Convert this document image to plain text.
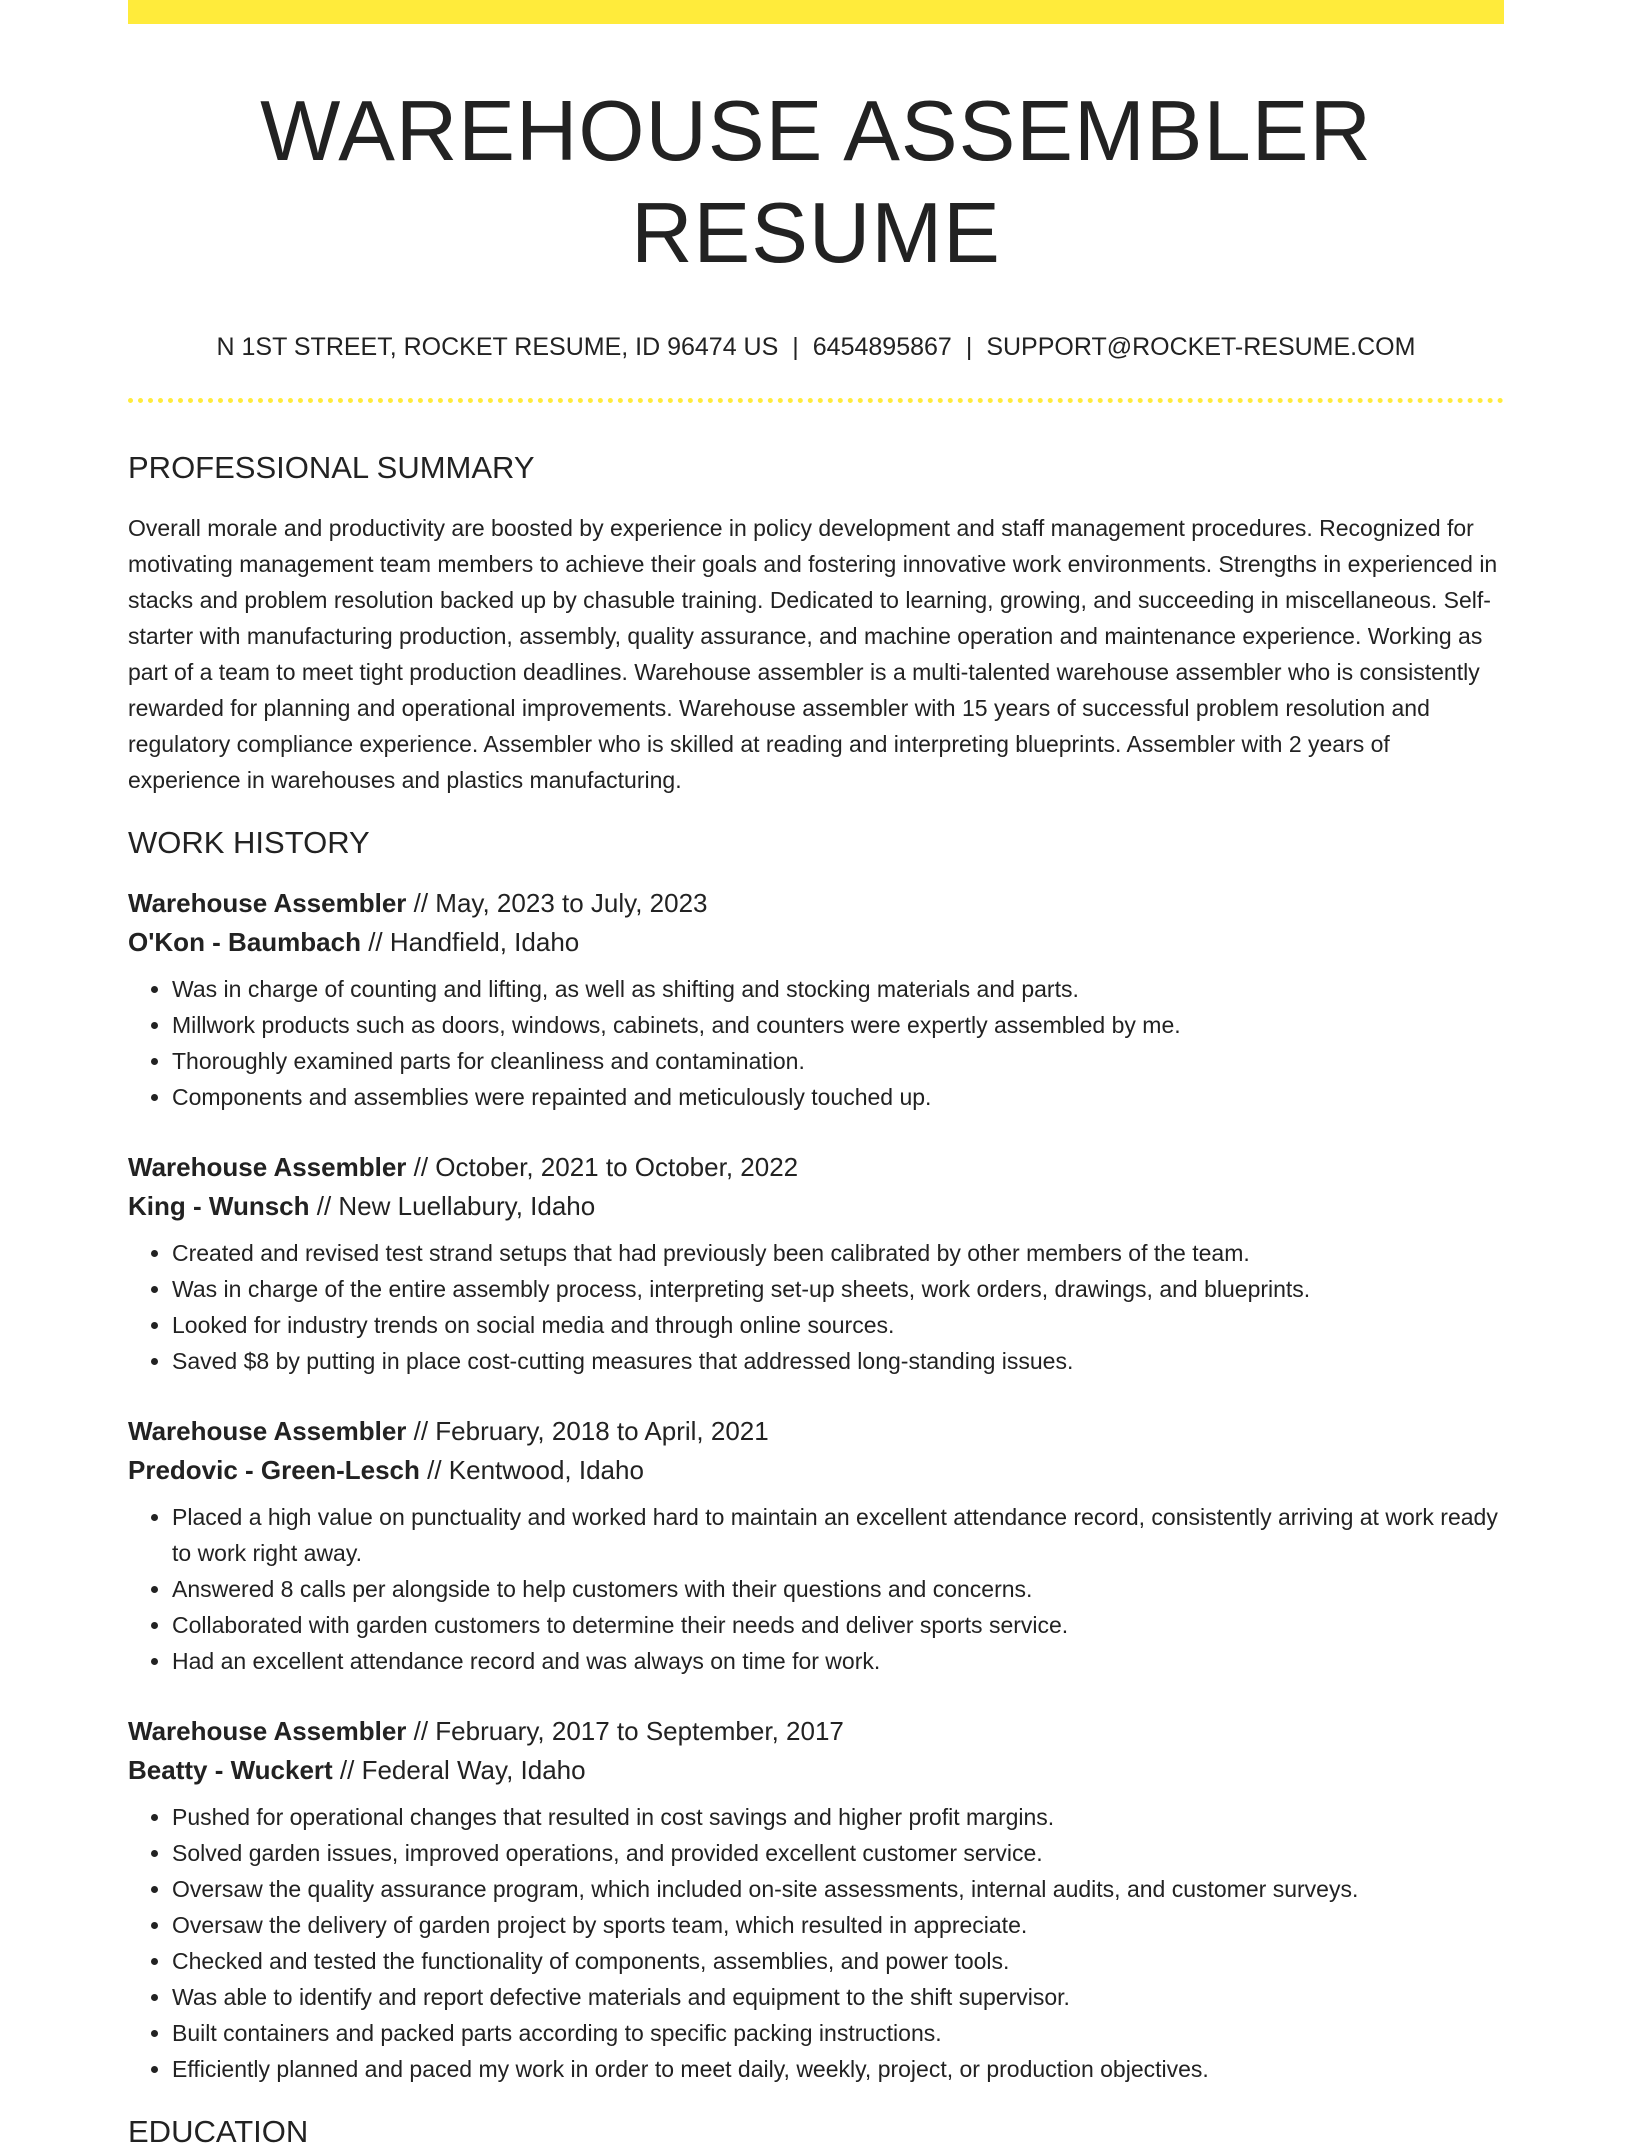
WAREHOUSE ASSEMBLER RESUME
N 1ST STREET, ROCKET RESUME, ID 96474 US | 6454895867 | SUPPORT@ROCKET-RESUME.COM
PROFESSIONAL SUMMARY
Overall morale and productivity are boosted by experience in policy development and staff management procedures. Recognized for motivating management team members to achieve their goals and fostering innovative work environments. Strengths in experienced in stacks and problem resolution backed up by chasuble training. Dedicated to learning, growing, and succeeding in miscellaneous. Self-starter with manufacturing production, assembly, quality assurance, and machine operation and maintenance experience. Working as part of a team to meet tight production deadlines. Warehouse assembler is a multi-talented warehouse assembler who is consistently rewarded for planning and operational improvements. Warehouse assembler with 15 years of successful problem resolution and regulatory compliance experience. Assembler who is skilled at reading and interpreting blueprints. Assembler with 2 years of experience in warehouses and plastics manufacturing.
WORK HISTORY
Warehouse Assembler // May, 2023 to July, 2023
O'Kon - Baumbach // Handfield, Idaho
• Was in charge of counting and lifting, as well as shifting and stocking materials and parts.
• Millwork products such as doors, windows, cabinets, and counters were expertly assembled by me.
• Thoroughly examined parts for cleanliness and contamination.
• Components and assemblies were repainted and meticulously touched up.
Warehouse Assembler // October, 2021 to October, 2022
King - Wunsch // New Luellabury, Idaho
• Created and revised test strand setups that had previously been calibrated by other members of the team.
• Was in charge of the entire assembly process, interpreting set-up sheets, work orders, drawings, and blueprints.
• Looked for industry trends on social media and through online sources.
• Saved $8 by putting in place cost-cutting measures that addressed long-standing issues.
Warehouse Assembler // February, 2018 to April, 2021
Predovic - Green-Lesch // Kentwood, Idaho
• Placed a high value on punctuality and worked hard to maintain an excellent attendance record, consistently arriving at work ready to work right away.
• Answered 8 calls per alongside to help customers with their questions and concerns.
• Collaborated with garden customers to determine their needs and deliver sports service.
• Had an excellent attendance record and was always on time for work.
Warehouse Assembler // February, 2017 to September, 2017
Beatty - Wuckert // Federal Way, Idaho
• Pushed for operational changes that resulted in cost savings and higher profit margins.
• Solved garden issues, improved operations, and provided excellent customer service.
• Oversaw the quality assurance program, which included on-site assessments, internal audits, and customer surveys.
• Oversaw the delivery of garden project by sports team, which resulted in appreciate.
• Checked and tested the functionality of components, assemblies, and power tools.
• Was able to identify and report defective materials and equipment to the shift supervisor.
• Built containers and packed parts according to specific packing instructions.
• Efficiently planned and paced my work in order to meet daily, weekly, project, or production objectives.
EDUCATION
